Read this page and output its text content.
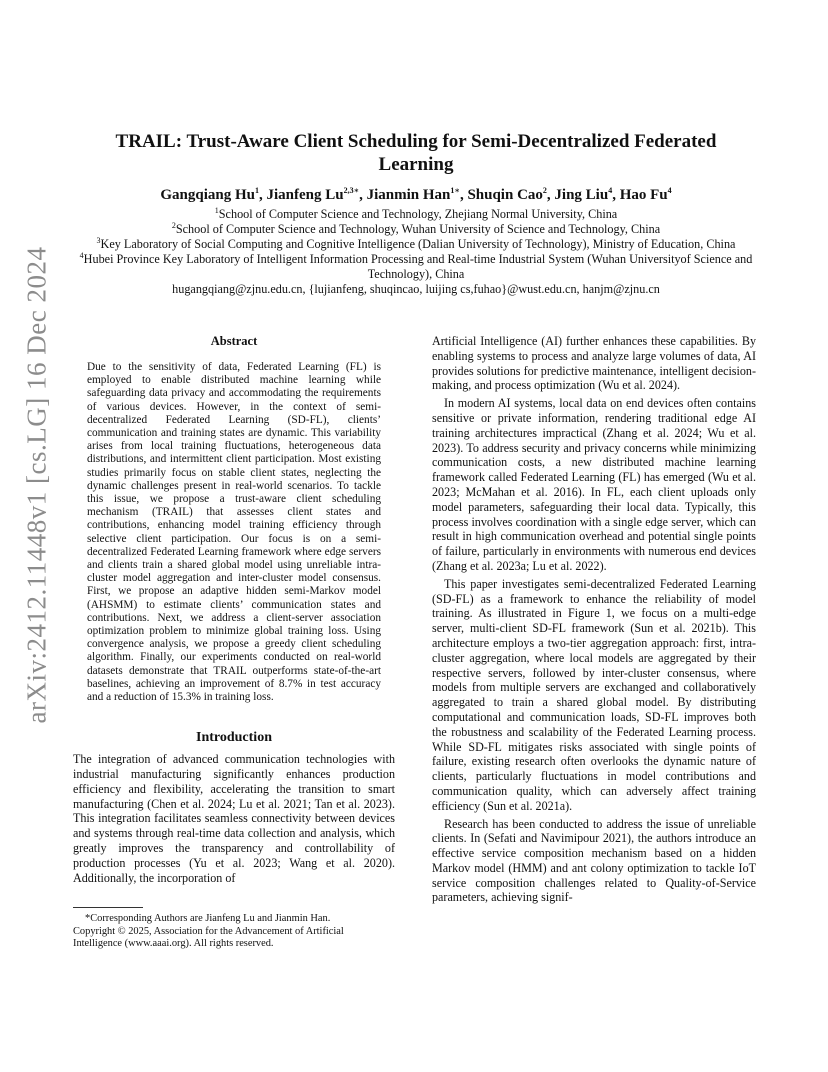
arXiv:2412.11448v1 [cs.LG] 16 Dec 2024
TRAIL: Trust-Aware Client Scheduling for Semi-Decentralized Federated Learning
Gangqiang Hu$^1$, Jianfeng $Lu^{2,3∗}$, Jianmin Han$^{1∗}$, Shuqin Cao$^2$, Jing Liu$^4$, Hao Fu$^4$
$^1$School of Computer Science and Technology, Zhejiang Normal University, China
$^2$School of Computer Science and Technology, Wuhan University of Science and Technology, China
$^3$Key Laboratory of Social Computing and Cognitive Intelligence (Dalian University of Technology), Ministry of Education, China
$^4$Hubei Province Key Laboratory of Intelligent Information Processing and Real-time Industrial System (Wuhan Universityof Science and Technology), China
hugangqiang@zjnu.edu.cn, {lujianfeng, shuqincao, luijing cs,fuhao}@wust.edu.cn, hanjm@zjnu.cn
Abstract

Due to the sensitivity of data, Federated Learning (FL) is employed to enable distributed machine learning while safeguarding data privacy and accommodating the requirements of various devices. However, in the context of semi-decentralized Federated Learning (SD-FL), clients’ communication and training states are dynamic. This variability arises from local training fluctuations, heterogeneous data distributions, and intermittent client participation. Most existing studies primarily focus on stable client states, neglecting the dynamic challenges present in real-world scenarios. To tackle this issue, we propose a trust-aware client scheduling mechanism (TRAIL) that assesses client states and contributions, enhancing model training efficiency through selective client participation. Our focus is on a semi-decentralized Federated Learning framework where edge servers and clients train a shared global model using unreliable intra-cluster model aggregation and inter-cluster model consensus. First, we propose an adaptive hidden semi-Markov model (AHSMM) to estimate clients’ communication states and contributions. Next, we address a client-server association optimization problem to minimize global training loss. Using convergence analysis, we propose a greedy client scheduling algorithm. Finally, our experiments conducted on real-world datasets demonstrate that TRAIL outperforms state-of-the-art baselines, achieving an improvement of 8.7% in test accuracy and a reduction of 15.3% in training loss.

Introduction

The integration of advanced communication technologies with industrial manufacturing significantly enhances production efficiency and flexibility, accelerating the transition to smart manufacturing (Chen et al. 2024; Lu et al. 2021; Tan et al. 2023). This integration facilitates seamless connectivity between devices and systems through real-time data collection and analysis, which greatly improves the transparency and controllability of production processes (Yu et al. 2023; Wang et al. 2020). Additionally, the incorporation of

Artificial Intelligence (AI) further enhances these capabilities. By enabling systems to process and analyze large volumes of data, AI provides solutions for predictive maintenance, intelligent decision-making, and process optimization (Wu et al. 2024).

In modern AI systems, local data on end devices often contains sensitive or private information, rendering traditional edge AI training architectures impractical (Zhang et al. 2024; Wu et al. 2023). To address security and privacy concerns while minimizing communication costs, a new distributed machine learning framework called Federated Learning (FL) has emerged (Wu et al. 2023; McMahan et al. 2016). In FL, each client uploads only model parameters, safeguarding their local data. Typically, this process involves coordination with a single edge server, which can result in high communication overhead and potential single points of failure, particularly in environments with numerous end devices (Zhang et al. 2023a; Lu et al. 2022).

This paper investigates semi-decentralized Federated Learning (SD-FL) as a framework to enhance the reliability of model training. As illustrated in Figure 1, we focus on a multi-edge server, multi-client SD-FL framework (Sun et al. 2021b). This architecture employs a two-tier aggregation approach: first, intra-cluster aggregation, where local models are aggregated by their respective servers, followed by inter-cluster consensus, where models from multiple servers are exchanged and collaboratively aggregated to train a shared global model. By distributing computational and communication loads, SD-FL improves both the robustness and scalability of the Federated Learning process. While SD-FL mitigates risks associated with single points of failure, existing research often overlooks the dynamic nature of clients, particularly fluctuations in model contributions and communication quality, which can adversely affect training efficiency (Sun et al. 2021a).

Research has been conducted to address the issue of unreliable clients. In (Sefati and Navimipour 2021), the authors introduce an effective service composition mechanism based on a hidden Markov model (HMM) and ant colony optimization to tackle IoT service composition challenges related to Quality-of-Service parameters, achieving signif-

*Corresponding Authors are Jianfeng Lu and Jianmin Han.
Copyright © 2025, Association for the Advancement of Artificial Intelligence (www.aaai.org). All rights reserved.
